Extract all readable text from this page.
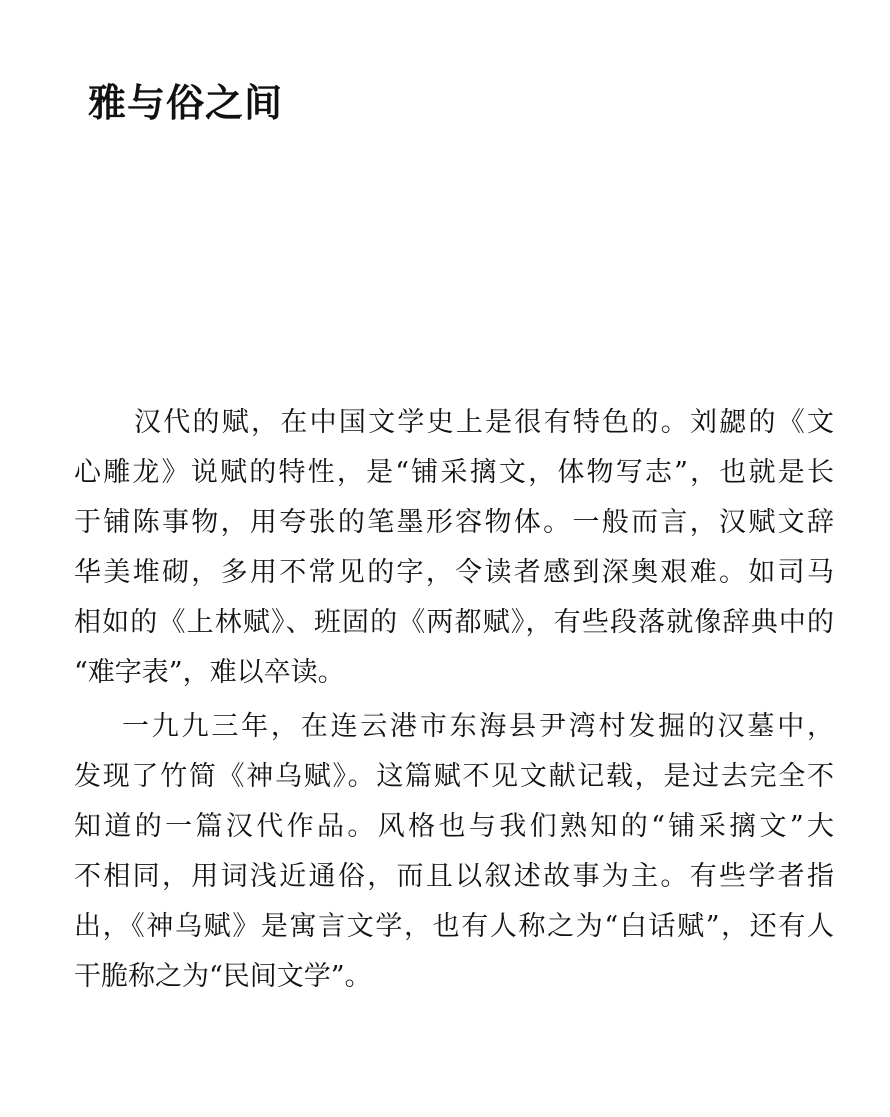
雅与俗之间

汉代的赋，在中国文学史上是很有特色的。刘勰的《文
心雕龙》说赋的特性，是“铺采摛文，体物写志”，也就是长
于铺陈事物，用夸张的笔墨形容物体。一般而言，汉赋文辞
华美堆砌，多用不常见的字，令读者感到深奥艰难。如司马
相如的《上林赋》、班固的《两都赋》，有些段落就像辞典中的
“难字表”，难以卒读。

一九九三年，在连云港市东海县尹湾村发掘的汉墓中，
发现了竹简《神乌赋》。这篇赋不见文献记载，是过去完全不
知道的一篇汉代作品。风格也与我们熟知的“铺采摛文”大
不相同，用词浅近通俗，而且以叙述故事为主。有些学者指
出，《神乌赋》是寓言文学，也有人称之为“白话赋”，还有人
干脆称之为“民间文学”。
